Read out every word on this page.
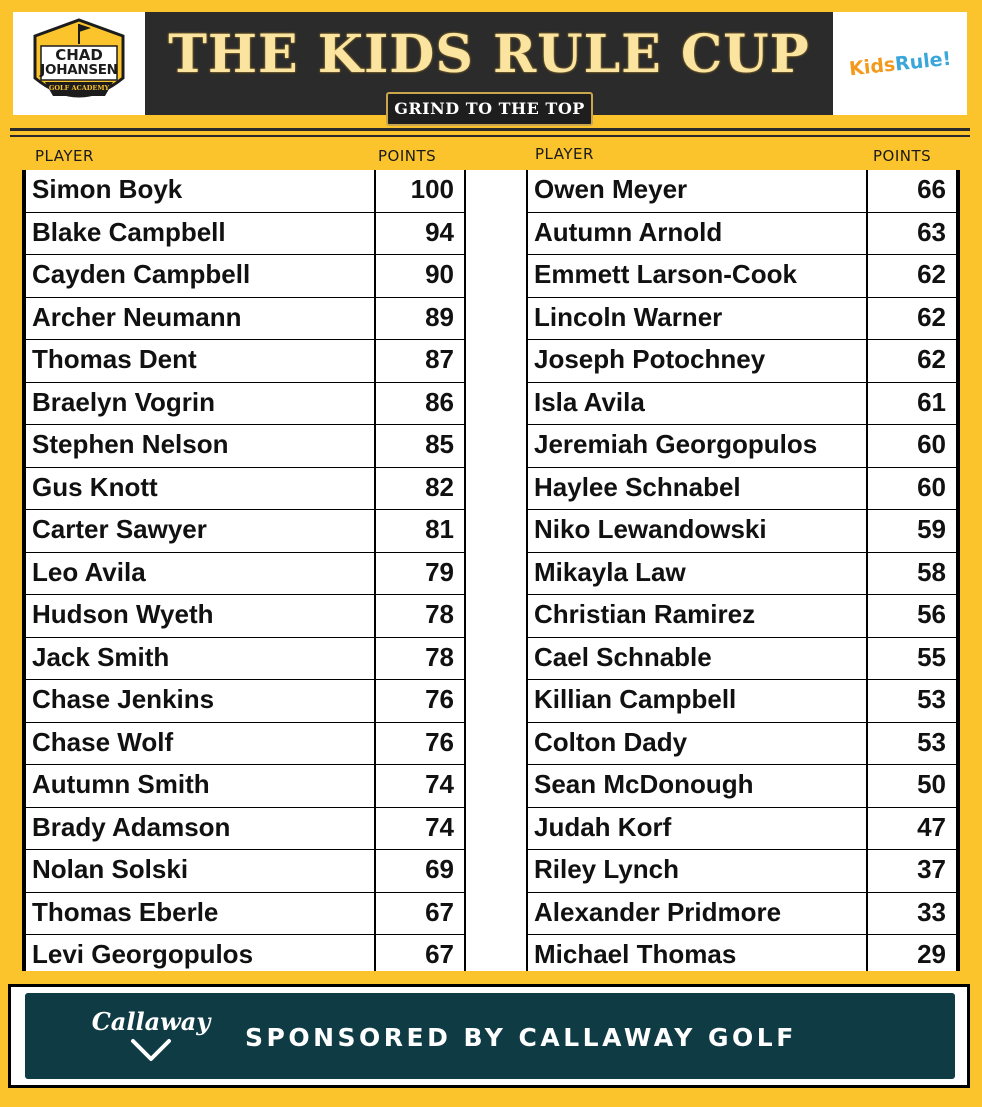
CHAD
JOHANSEN
GOLF ACADEMY
THE KIDS RULE CUP	KidsRule!
GRIND TO THE TOP
PLAYER	POINTS	PLAYER	POINTS
Simon Boyk	100
Blake Campbell	94
Cayden Campbell	90
Archer Neumann	89
Thomas Dent	87
Braelyn Vogrin	86
Stephen Nelson	85
Gus Knott	82
Carter Sawyer	81
Leo Avila	79
Hudson Wyeth	78
Jack Smith	78
Chase Jenkins	76
Chase Wolf	76
Autumn Smith	74
Brady Adamson	74
Nolan Solski	69
Thomas Eberle	67
Levi Georgopulos	67
Owen Meyer	66
Autumn Arnold	63
Emmett Larson-Cook	62
Lincoln Warner	62
Joseph Potochney	62
Isla Avila	61
Jeremiah Georgopulos	60
Haylee Schnabel	60
Niko Lewandowski	59
Mikayla Law	58
Christian Ramirez	56
Cael Schnable	55
Killian Campbell	53
Colton Dady	53
Sean McDonough	50
Judah Korf	47
Riley Lynch	37
Alexander Pridmore	33
Michael Thomas	29
Callaway
SPONSORED BY CALLAWAY GOLF
